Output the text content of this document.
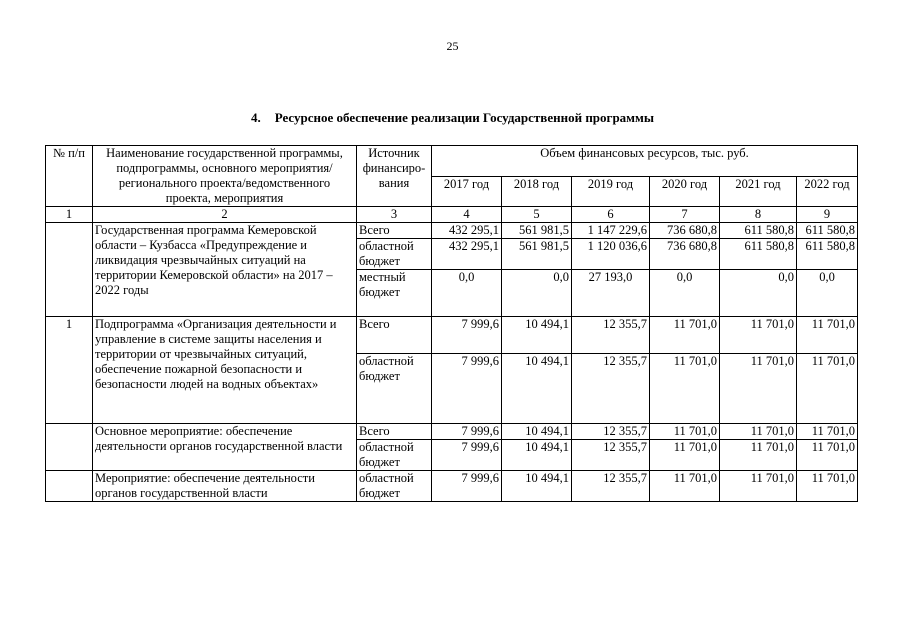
25
4. Ресурсное обеспечение реализации Государственной программы
№ п/п	Наименование государственной программы, подпрограммы, основного мероприятия/регионального проекта/ведомственного проекта, мероприятия	Источник финансиро-вания	Объем финансовых ресурсов, тыс. руб.					
			2017 год	2018 год	2019 год	2020 год	2021 год	2022 год
1	2	3	4	5	6	7	8	9
	Государственная программа Кемеровской области – Кузбасса «Предупреждение и ликвидация чрезвычайных ситуаций на территории Кемеровской области» на 2017 – 2022 годы	Всего	432 295,1	561 981,5	1 147 229,6	736 680,8	611 580,8	611 580,8
		областной бюджет	432 295,1	561 981,5	1 120 036,6	736 680,8	611 580,8	611 580,8
		местный бюджет	0,0	0,0	27 193,0	0,0	0,0	0,0
1	Подпрограмма «Организация деятельности и управление в системе защиты населения и территории от чрезвычайных ситуаций, обеспечение пожарной безопасности и безопасности людей на водных объектах»	Всего	7 999,6	10 494,1	12 355,7	11 701,0	11 701,0	11 701,0
		областной бюджет	7 999,6	10 494,1	12 355,7	11 701,0	11 701,0	11 701,0
	Основное мероприятие: обеспечение деятельности органов государственной власти	Всего	7 999,6	10 494,1	12 355,7	11 701,0	11 701,0	11 701,0
		областной бюджет	7 999,6	10 494,1	12 355,7	11 701,0	11 701,0	11 701,0
	Мероприятие: обеспечение деятельности органов государственной власти	областной бюджет	7 999,6	10 494,1	12 355,7	11 701,0	11 701,0	11 701,0
